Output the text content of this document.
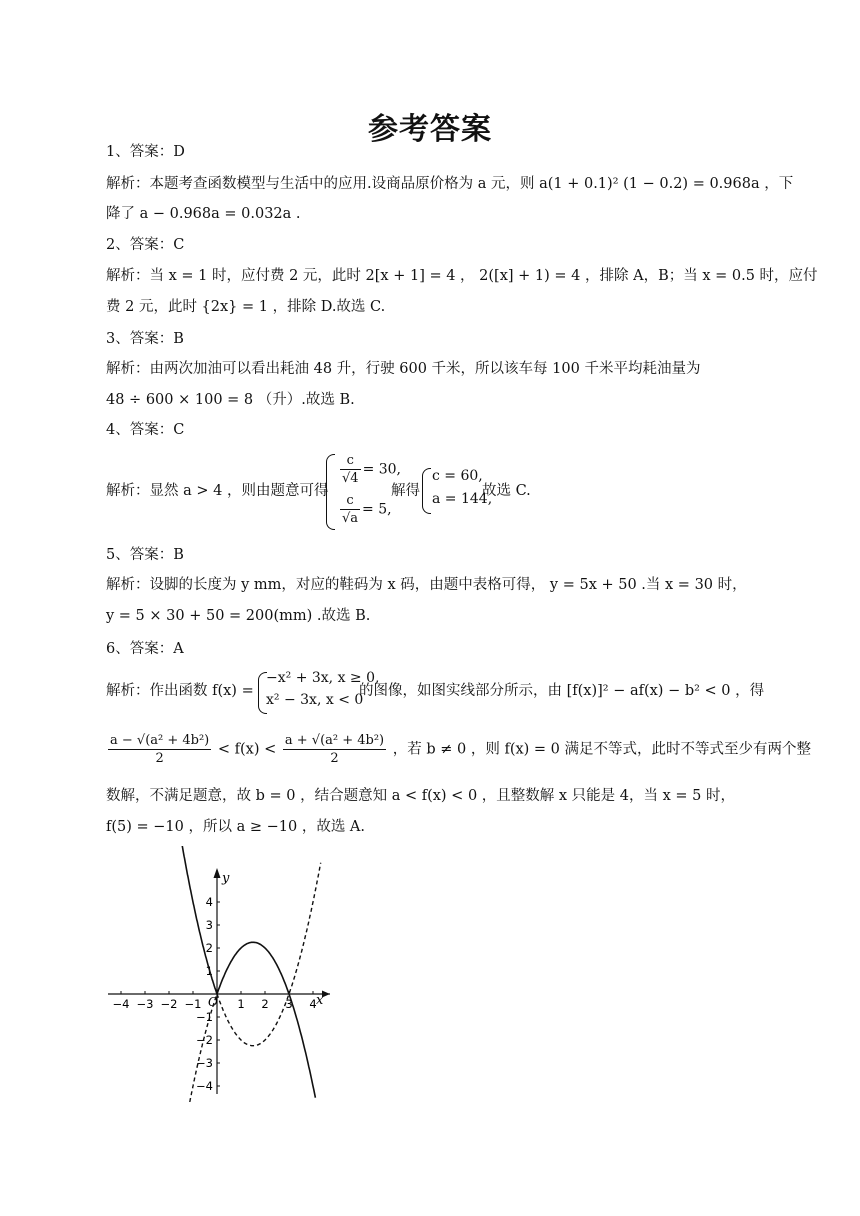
参考答案
1、答案：D
解析：本题考查函数模型与生活中的应用.设商品原价格为 a 元，则 a(1 + 0.1)² (1 − 0.2) = 0.968a ，下
降了 a − 0.968a = 0.032a .
2、答案：C
解析：当 x = 1 时，应付费 2 元，此时 2[x + 1] = 4 ， 2([x] + 1) = 4 ，排除 A，B；当 x = 0.5 时，应付
费 2 元，此时 {2x} = 1 ，排除 D.故选 C.
3、答案：B
解析：由两次加油可以看出耗油 48 升，行驶 600 千米，所以该车每 100 千米平均耗油量为
48 ÷ 600 × 100 = 8 （升）.故选 B.
4、答案：C
解析：显然 a > 4 ，则由题意可得
$\frac{c}{√4} = 30$,
$\frac{c}{√a} = 5$,
解得
c = 60,
a = 144,
故选 C.
5、答案：B
解析：设脚的长度为 y mm，对应的鞋码为 x 码，由题中表格可得， y = 5x + 50 .当 x = 30 时，
y = 5 × 30 + 50 = 200(mm) .故选 B.
6、答案：A
解析：作出函数 f(x) =
−x² + 3x, x ≥ 0,
x² − 3x, x < 0
的图像，如图实线部分所示，由 [f(x)]² − af(x) − b² < 0 ，得
$\frac{\text{a − √(a² + 4b²)}}{2} < f(x) < \frac{\text{a + √(a² + 4b²)}}{2}$ ，若 b ≠ 0 ，则 f(x) = 0 满足不等式，此时不等式至少有两个整
数解，不满足题意，故 b = 0 ，结合题意知 a < f(x) < 0 ，且整数解 x 只能是 4，当 x = 5 时，
f(5) = −10 ，所以 a ≥ −10 ，故选 A.
x
y
O
−4 −3 −2 −1	1 2 3 4
4
3
2
1
−1
−2
−3
−4
